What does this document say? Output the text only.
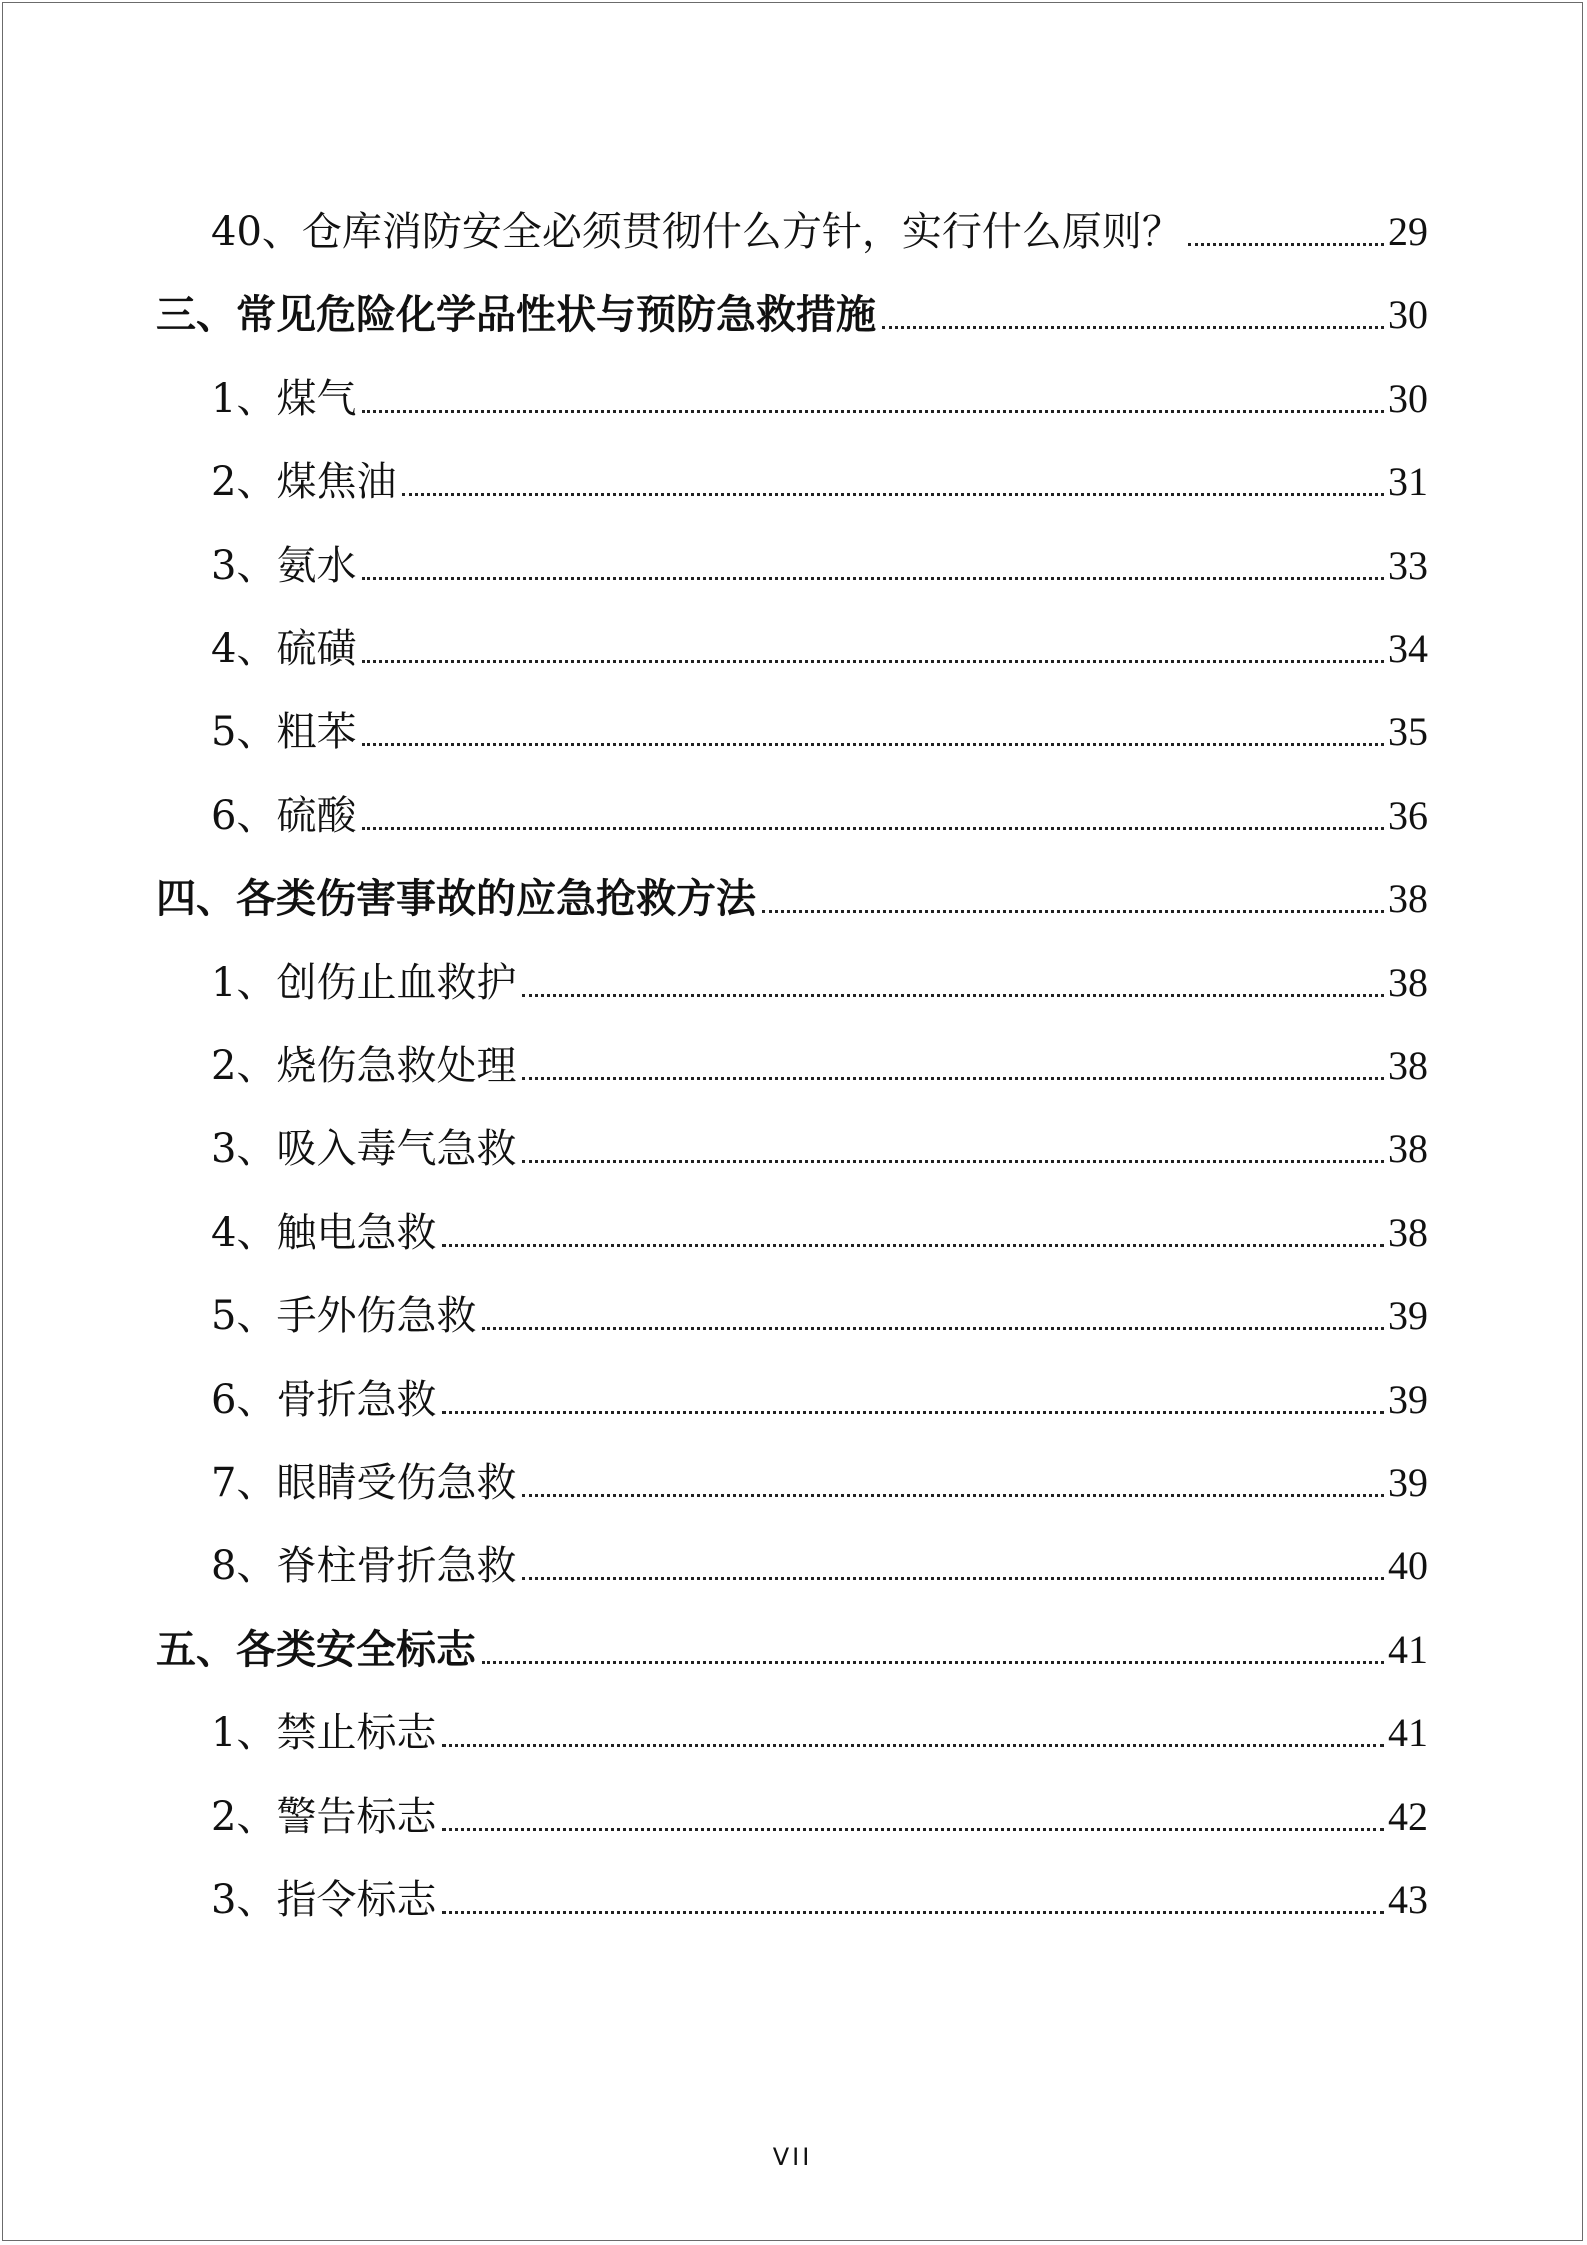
40、仓库消防安全必须贯彻什么方针，实行什么原则？	29
三、常见危险化学品性状与预防急救措施	30
1、煤气	30
2、煤焦油	31
3、氨水	33
4、硫磺	34
5、粗苯	35
6、硫酸	36
四、各类伤害事故的应急抢救方法	38
1、创伤止血救护	38
2、烧伤急救处理	38
3、吸入毒气急救	38
4、触电急救	38
5、手外伤急救	39
6、骨折急救	39
7、眼睛受伤急救	39
8、脊柱骨折急救	40
五、各类安全标志	41
1、禁止标志	41
2、警告标志	42
3、指令标志	43
VII
